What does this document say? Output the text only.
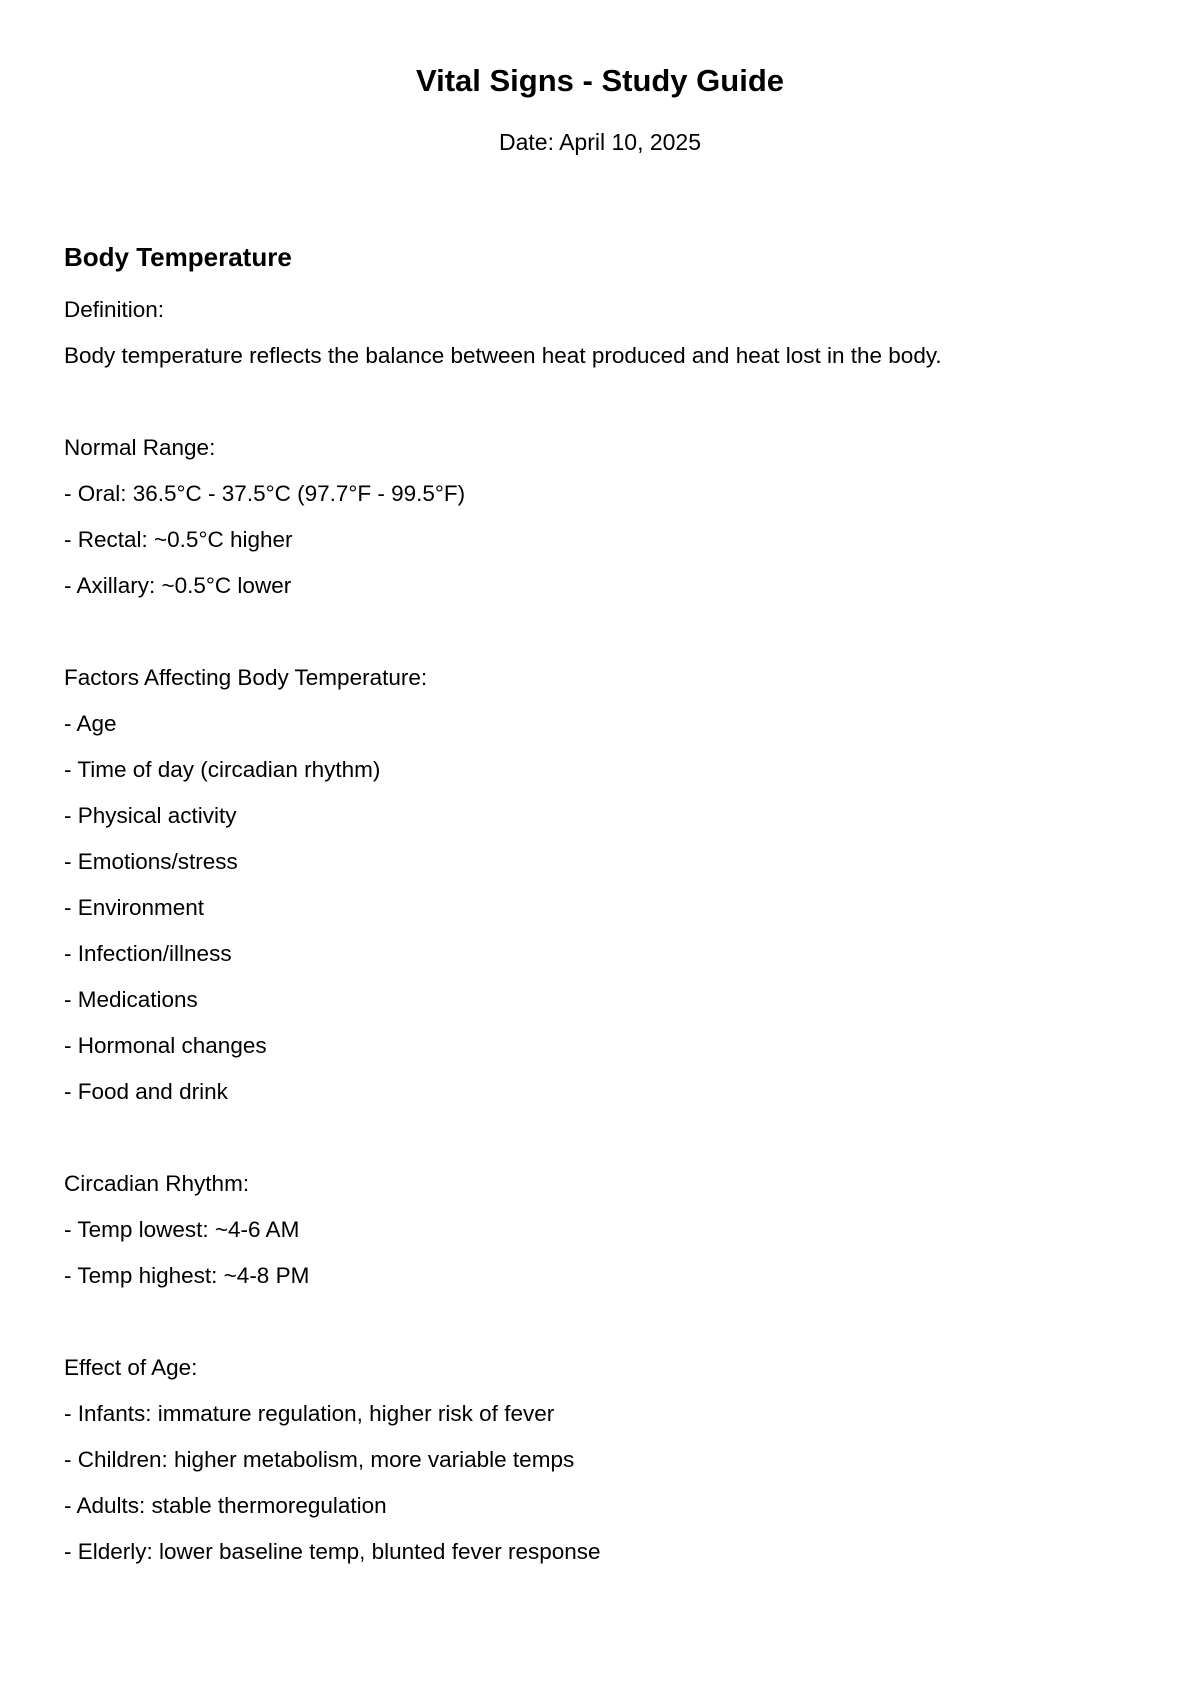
Vital Signs - Study Guide
Date: April 10, 2025
Body Temperature
Definition:
Body temperature reflects the balance between heat produced and heat lost in the body.
Normal Range:
- Oral: 36.5°C - 37.5°C (97.7°F - 99.5°F)
- Rectal: ~0.5°C higher
- Axillary: ~0.5°C lower
Factors Affecting Body Temperature:
- Age
- Time of day (circadian rhythm)
- Physical activity
- Emotions/stress
- Environment
- Infection/illness
- Medications
- Hormonal changes
- Food and drink
Circadian Rhythm:
- Temp lowest: ~4-6 AM
- Temp highest: ~4-8 PM
Effect of Age:
- Infants: immature regulation, higher risk of fever
- Children: higher metabolism, more variable temps
- Adults: stable thermoregulation
- Elderly: lower baseline temp, blunted fever response
